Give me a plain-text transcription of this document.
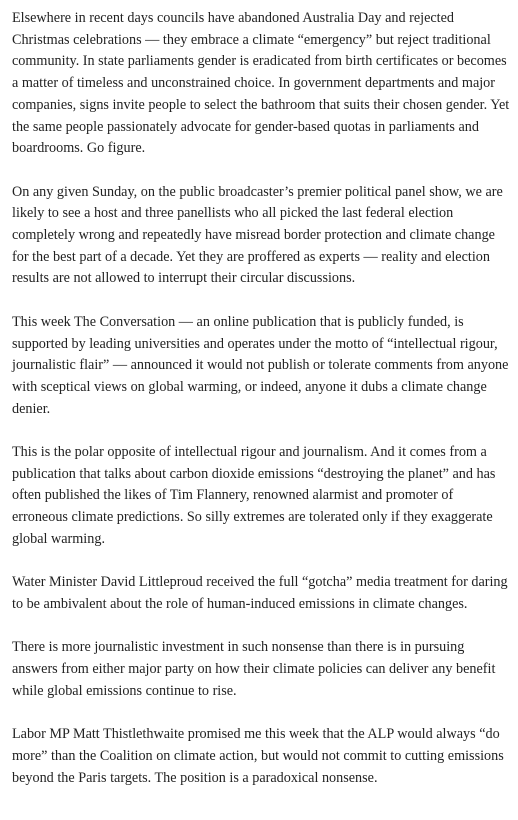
Elsewhere in recent days councils have abandoned Australia Day and rejected Christmas celebrations — they embrace a climate “emergency” but reject traditional community. In state parliaments gender is eradicated from birth certificates or becomes a matter of timeless and unconstrained choice. In government departments and major companies, signs invite people to select the bathroom that suits their chosen gender. Yet the same people passionately advocate for gender-based quotas in parliaments and boardrooms. Go figure.

On any given Sunday, on the public broadcaster’s premier political panel show, we are likely to see a host and three panellists who all picked the last federal election completely wrong and repeatedly have misread border protection and climate change for the best part of a decade. Yet they are proffered as experts — reality and election results are not allowed to interrupt their circular discussions.

This week The Conversation — an online publication that is publicly funded, is supported by leading universities and operates under the motto of “intellectual rigour, journalistic flair” — announced it would not publish or tolerate comments from anyone with sceptical views on global warming, or indeed, anyone it dubs a climate change denier.

This is the polar opposite of intellectual rigour and journalism. And it comes from a publication that talks about carbon dioxide emissions “destroying the planet” and has often published the likes of Tim Flannery, renowned alarmist and promoter of erroneous climate predictions. So silly extremes are tolerated only if they exaggerate global warming.

Water Minister David Littleproud received the full “gotcha” media treatment for daring to be ambivalent about the role of human-induced emissions in climate changes.

There is more journalistic investment in such nonsense than there is in pursuing answers from either major party on how their climate policies can deliver any benefit while global emissions continue to rise.

Labor MP Matt Thistlethwaite promised me this week that the ALP would always “do more” than the Coalition on climate action, but would not commit to cutting emissions beyond the Paris targets. The position is a paradoxical nonsense.
